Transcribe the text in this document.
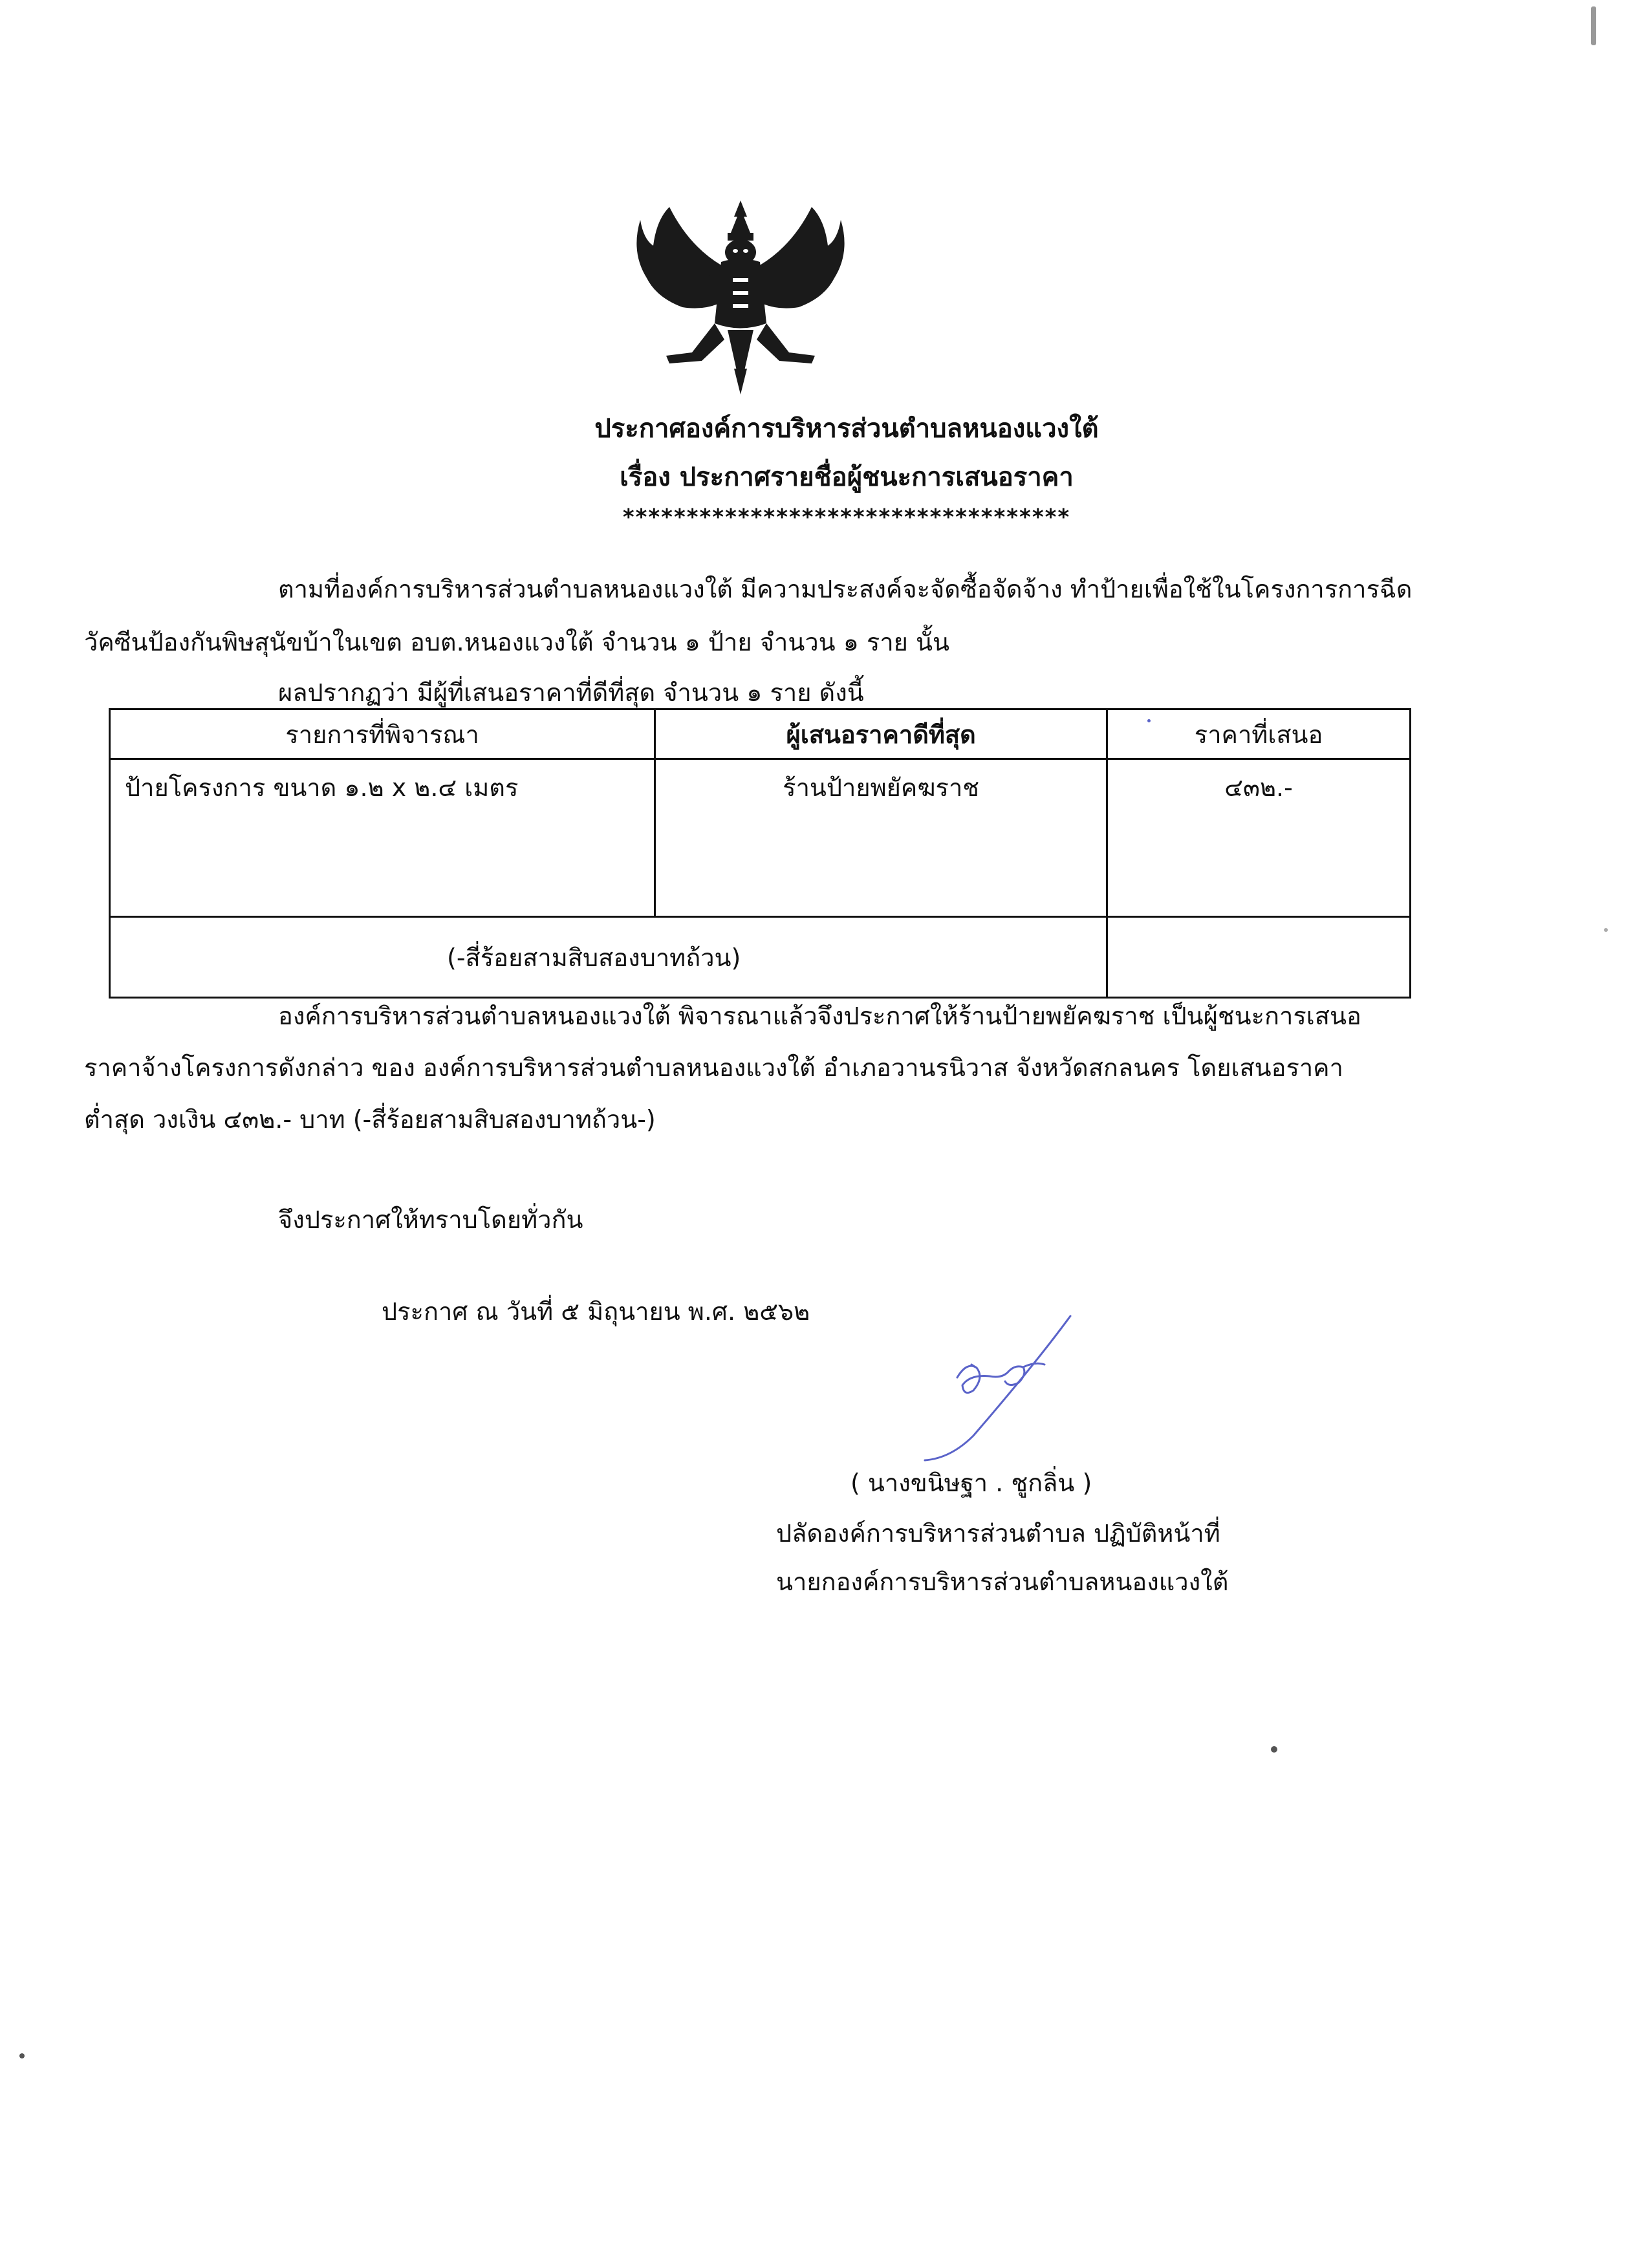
ประกาศองค์การบริหารส่วนตำบลหนองแวงใต้
เรื่อง ประกาศรายชื่อผู้ชนะการเสนอราคา
***********************************
ตามที่องค์การบริหารส่วนตำบลหนองแวงใต้ มีความประสงค์จะจัดซื้อจัดจ้าง ทำป้ายเพื่อใช้ในโครงการการฉีด
วัคซีนป้องกันพิษสุนัขบ้าในเขต อบต.หนองแวงใต้ จำนวน ๑ ป้าย จำนวน ๑ ราย นั้น
ผลปรากฏว่า มีผู้ที่เสนอราคาที่ดีที่สุด จำนวน ๑ ราย ดังนี้
รายการที่พิจารณา	ผู้เสนอราคาดีที่สุด	ราคาที่เสนอ
ป้ายโครงการ ขนาด ๑.๒ x ๒.๔ เมตร	ร้านป้ายพยัคฆราช	๔๓๒.-
(-สี่ร้อยสามสิบสองบาทถ้วน)		
องค์การบริหารส่วนตำบลหนองแวงใต้ พิจารณาแล้วจึงประกาศให้ร้านป้ายพยัคฆราช เป็นผู้ชนะการเสนอ
ราคาจ้างโครงการดังกล่าว ของ องค์การบริหารส่วนตำบลหนองแวงใต้ อำเภอวานรนิวาส จังหวัดสกลนคร โดยเสนอราคา
ต่ำสุด วงเงิน ๔๓๒.- บาท (-สี่ร้อยสามสิบสองบาทถ้วน-)
จึงประกาศให้ทราบโดยทั่วกัน
ประกาศ ณ วันที่ ๕ มิถุนายน พ.ศ. ๒๕๖๒
( นางขนิษฐา . ชูกลิ่น )
ปลัดองค์การบริหารส่วนตำบล ปฏิบัติหน้าที่
นายกองค์การบริหารส่วนตำบลหนองแวงใต้
